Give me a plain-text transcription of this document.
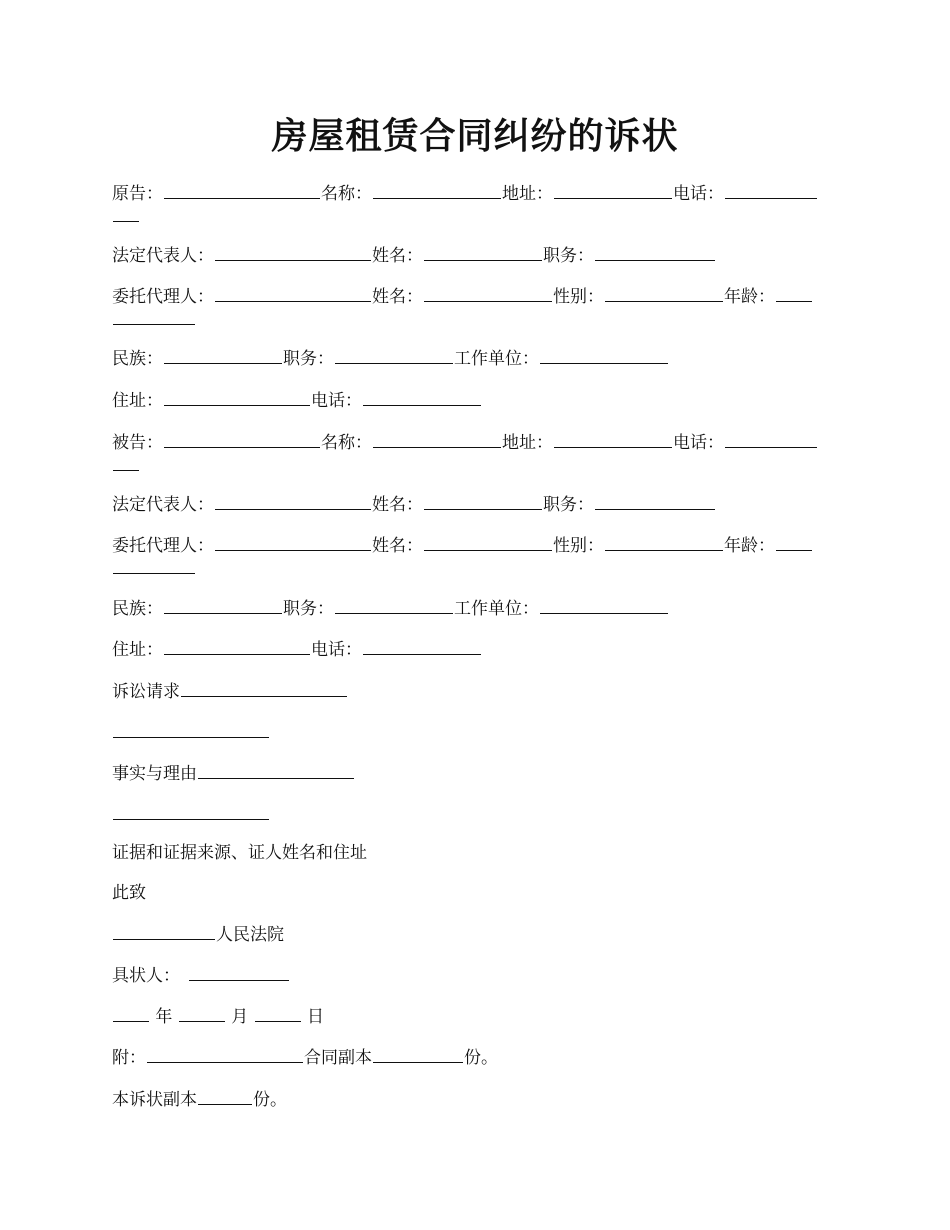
房屋租赁合同纠纷的诉状
原告：	名称：	地址：	电话：
法定代表人：	姓名：	职务：
委托代理人：	姓名：	性别：	年龄：
民族：	职务：	工作单位：
住址：	电话：
被告：	名称：	地址：	电话：
法定代表人：	姓名：	职务：
委托代理人：	姓名：	性别：	年龄：
民族：	职务：	工作单位：
住址：	电话：
诉讼请求
事实与理由
证据和证据来源、证人姓名和住址
此致
人民法院
具状人：
年	月	日
附：	合同副本	份。
本诉状副本	份。
